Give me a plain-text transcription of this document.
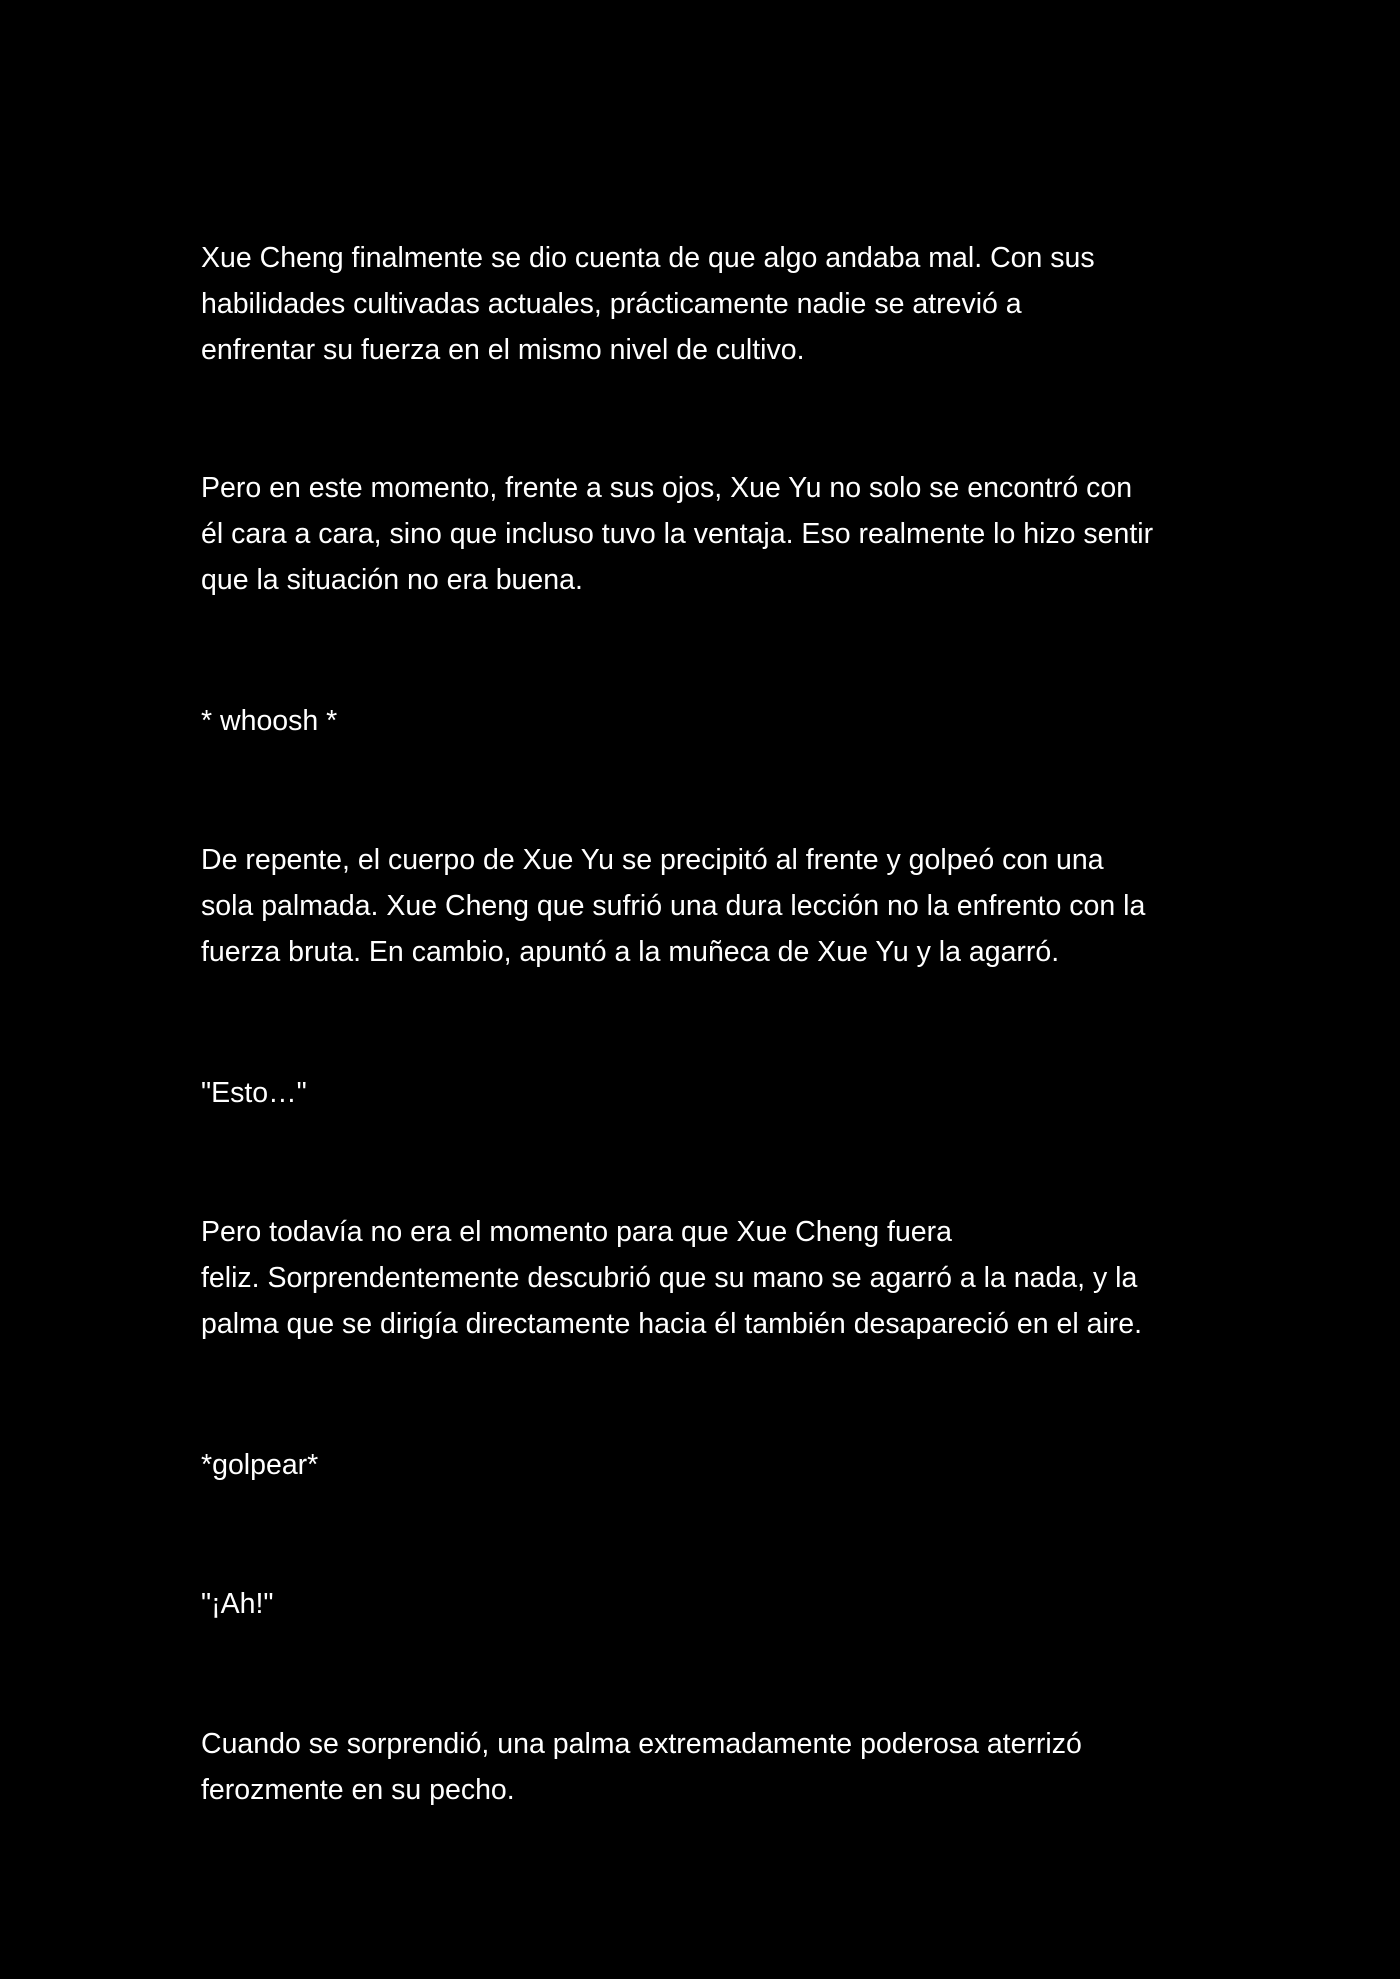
Xue Cheng finalmente se dio cuenta de que algo andaba mal. Con sus
habilidades cultivadas actuales, prácticamente nadie se atrevió a
enfrentar su fuerza en el mismo nivel de cultivo.
Pero en este momento, frente a sus ojos, Xue Yu no solo se encontró con
él cara a cara, sino que incluso tuvo la ventaja. Eso realmente lo hizo sentir
que la situación no era buena.
* whoosh *
De repente, el cuerpo de Xue Yu se precipitó al frente y golpeó con una
sola palmada. Xue Cheng que sufrió una dura lección no la enfrento con la
fuerza bruta. En cambio, apuntó a la muñeca de Xue Yu y la agarró.
"Esto…"
Pero todavía no era el momento para que Xue Cheng fuera
feliz. Sorprendentemente descubrió que su mano se agarró a la nada, y la
palma que se dirigía directamente hacia él también desapareció en el aire.
*golpear*
"¡Ah!"
Cuando se sorprendió, una palma extremadamente poderosa aterrizó
ferozmente en su pecho.
